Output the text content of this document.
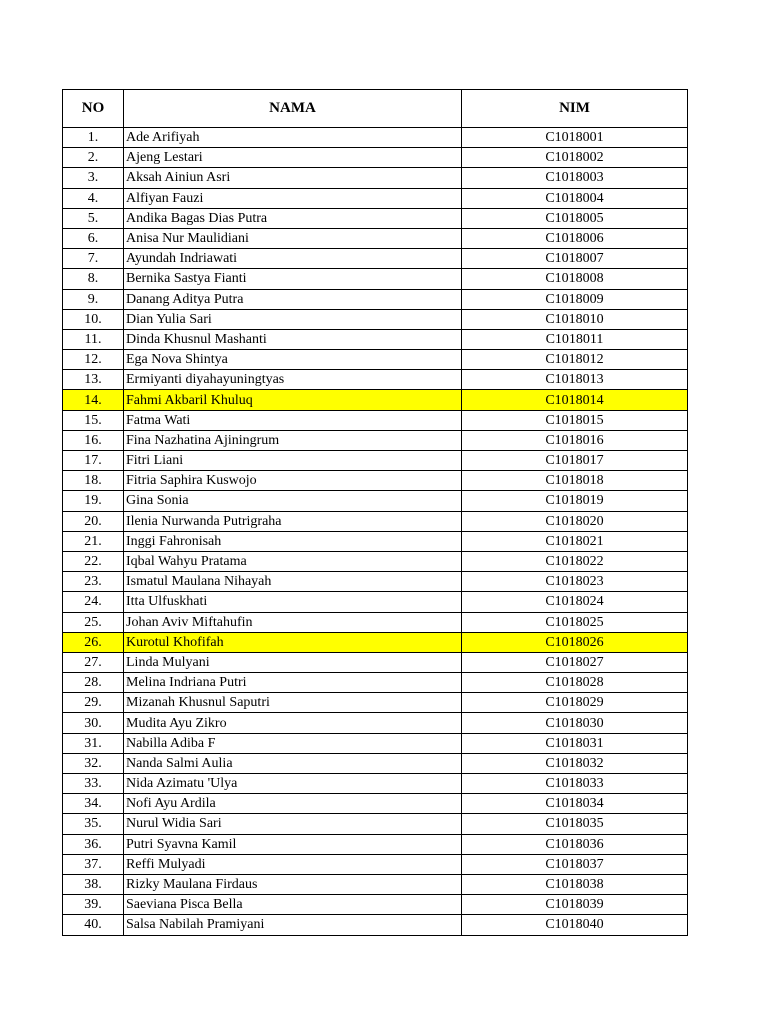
NO	NAMA	NIM
1.	Ade Arifiyah	C1018001
2.	Ajeng Lestari	C1018002
3.	Aksah Ainiun Asri	C1018003
4.	Alfiyan Fauzi	C1018004
5.	Andika Bagas Dias Putra	C1018005
6.	Anisa Nur Maulidiani	C1018006
7.	Ayundah Indriawati	C1018007
8.	Bernika Sastya Fianti	C1018008
9.	Danang Aditya Putra	C1018009
10.	Dian Yulia Sari	C1018010
11.	Dinda Khusnul Mashanti	C1018011
12.	Ega Nova Shintya	C1018012
13.	Ermiyanti diyahayuningtyas	C1018013
14.	Fahmi Akbaril Khuluq	C1018014
15.	Fatma Wati	C1018015
16.	Fina Nazhatina Ajiningrum	C1018016
17.	Fitri Liani	C1018017
18.	Fitria Saphira Kuswojo	C1018018
19.	Gina Sonia	C1018019
20.	Ilenia Nurwanda Putrigraha	C1018020
21.	Inggi Fahronisah	C1018021
22.	Iqbal Wahyu Pratama	C1018022
23.	Ismatul Maulana Nihayah	C1018023
24.	Itta Ulfuskhati	C1018024
25.	Johan Aviv Miftahufin	C1018025
26.	Kurotul Khofifah	C1018026
27.	Linda Mulyani	C1018027
28.	Melina Indriana Putri	C1018028
29.	Mizanah Khusnul Saputri	C1018029
30.	Mudita Ayu Zikro	C1018030
31.	Nabilla Adiba F	C1018031
32.	Nanda Salmi Aulia	C1018032
33.	Nida Azimatu 'Ulya	C1018033
34.	Nofi Ayu Ardila	C1018034
35.	Nurul Widia Sari	C1018035
36.	Putri Syavna Kamil	C1018036
37.	Reffi Mulyadi	C1018037
38.	Rizky Maulana Firdaus	C1018038
39.	Saeviana Pisca Bella	C1018039
40.	Salsa Nabilah Pramiyani	C1018040
